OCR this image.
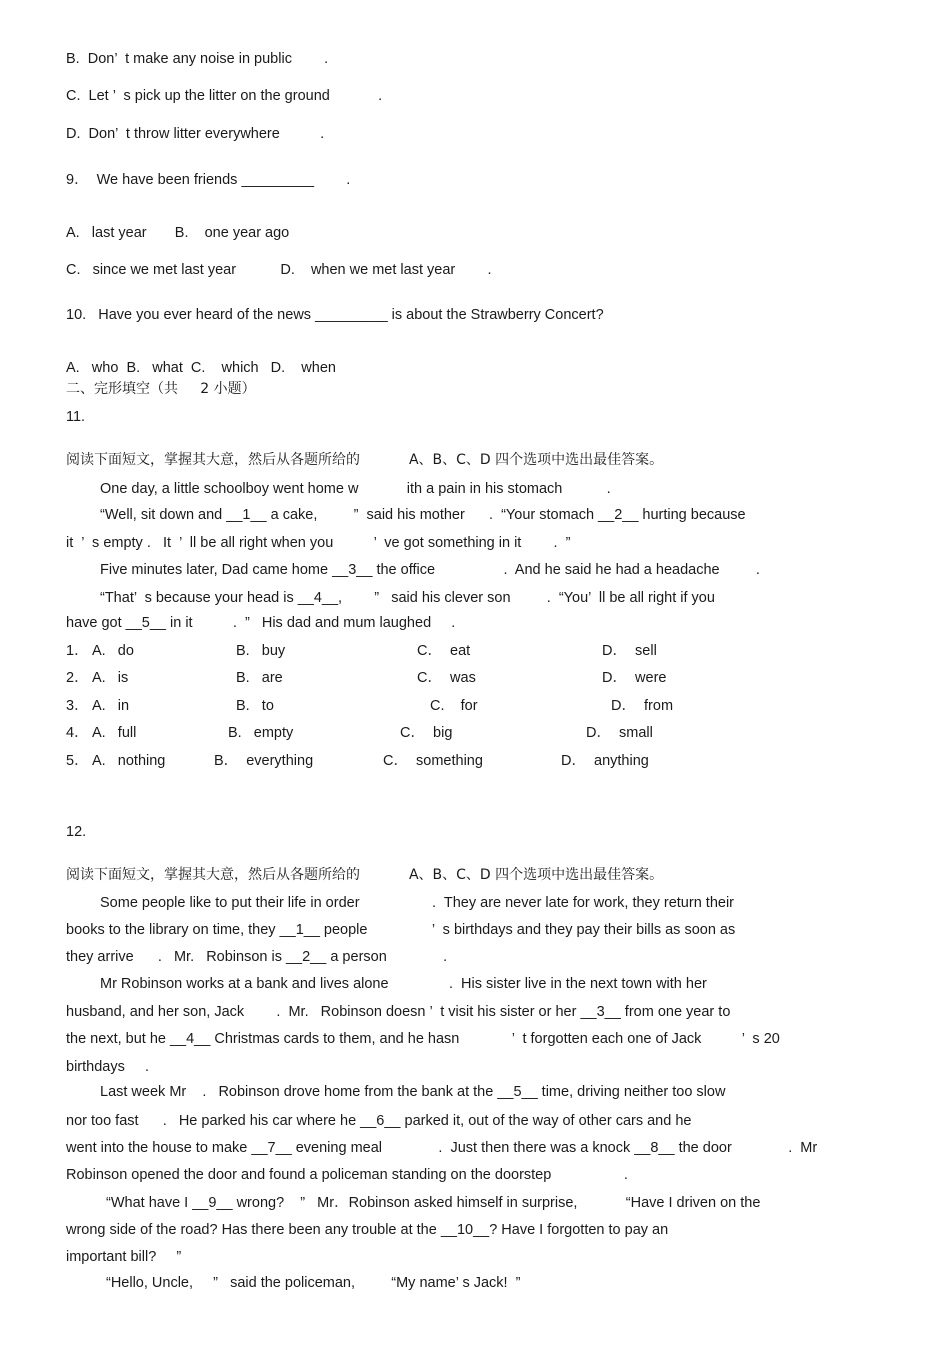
B.  Don’  t make any noise in public        .
C.  Let ’  s pick up the litter on the ground            .
D.  Don’  t throw litter everywhere          .
9．  We have been friends _________        .
A.   last year       B.    one year ago
C.   since we met last year           D.    when we met last year        .
10.   Have you ever heard of the news _________ is about the Strawberry Concert?
A.   who  B.   what  C.    which   D.    when
二、完形填空（共     2 小题）
11.
阅读下面短文，掌握其大意，然后从各题所给的           A、B、C、D 四个选项中选出最佳答案。
One day, a little schoolboy went home w            ith a pain in his stomach           .
“Well, sit down and __1__ a cake,         ”  said his mother      .  “Your stomach __2__ hurting because
it  ’  s empty .   It  ’  ll be all right when you          ’  ve got something in it        .  ”
Five minutes later, Dad came home __3__ the office                 .  And he said he had a headache         .
“That’  s because your head is __4__,        ”   said his clever son         .  “You’  ll be all right if you
have got __5__ in it          .  ”   His dad and mum laughed     .
1． A.   do	B.   buy	C．  eat	D．  sell
2． A.   is	B.   are	C．  was	D．  were
3． A.   in	B.   to	C.    for	D．  from
4． A.   full	B.   empty	C．  big	D．  small
5． A.   nothing	B．  everything	C．  something	D．  anything
12.
阅读下面短文，掌握其大意，然后从各题所给的           A、B、C、D 四个选项中选出最佳答案。
Some people like to put their life in order                  .  They are never late for work, they return their
books to the library on time, they __1__ people                ’  s birthdays and they pay their bills as soon as
they arrive      .   Mr.   Robinson is __2__ a person              .
Mr Robinson works at a bank and lives alone               .  His sister live in the next town with her
husband, and her son, Jack        .  Mr.   Robinson doesn ’  t visit his sister or her __3__ from one year to
the next, but he __4__ Christmas cards to them, and he hasn             ’  t forgotten each one of Jack          ’  s 20
birthdays     .
Last week Mr    .   Robinson drove home from the bank at the __5__ time, driving neither too slow
nor too fast      .   He parked his car where he __6__ parked it, out of the way of other cars and he
went into the house to make __7__ evening meal              .  Just then there was a knock __8__ the door              .  Mr
Robinson opened the door and found a policeman standing on the doorstep                  .
“What have I __9__ wrong?    ”   Mr．Robinson asked himself in surprise,            “Have I driven on the
wrong side of the road? Has there been any trouble at the __10__? Have I forgotten to pay an
important bill?     ”
“Hello, Uncle,     ”   said the policeman,         “My name’ s Jack!  ”
